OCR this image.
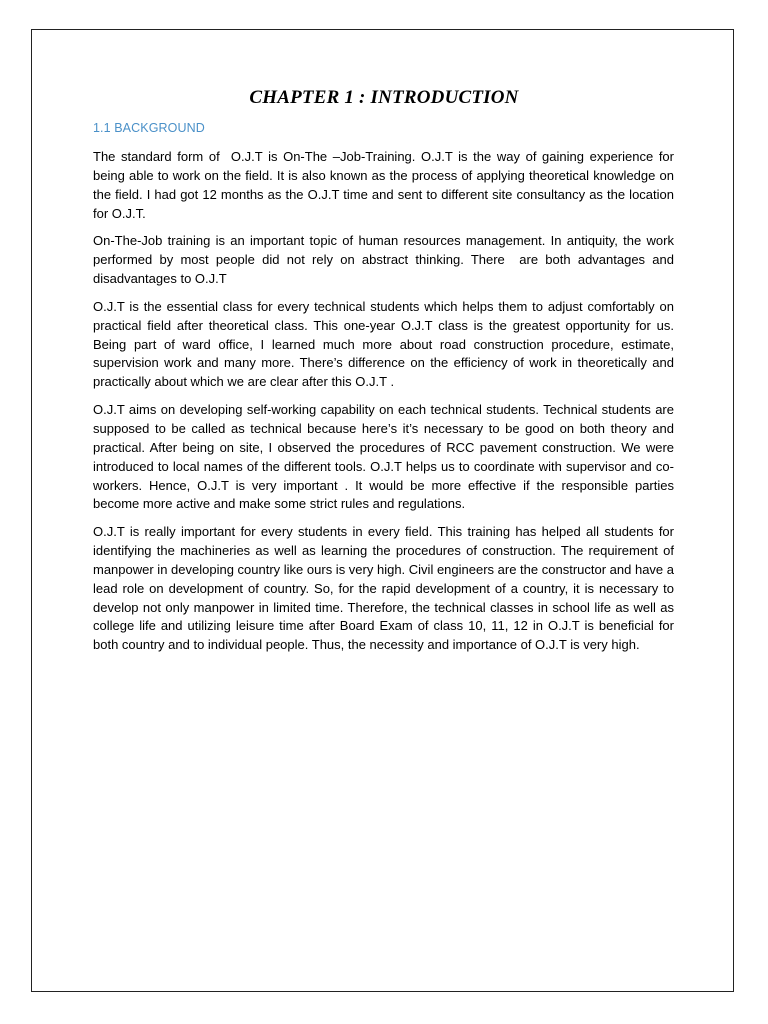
CHAPTER 1 : INTRODUCTION
1.1 BACKGROUND

The standard form of  O.J.T is On-The –Job-Training. O.J.T is the way of gaining experience for being able to work on the field. It is also known as the process of applying theoretical knowledge on the field. I had got 12 months as the O.J.T time and sent to different site consultancy as the location for O.J.T.

On-The-Job training is an important topic of human resources management. In antiquity, the work performed by most people did not rely on abstract thinking. There  are both advantages and disadvantages to O.J.T

O.J.T is the essential class for every technical students which helps them to adjust comfortably on practical field after theoretical class. This one-year O.J.T class is the greatest opportunity for us. Being part of ward office, I learned much more about road construction procedure, estimate, supervision work and many more. There’s difference on the efficiency of work in theoretically and practically about which we are clear after this O.J.T .

O.J.T aims on developing self-working capability on each technical students. Technical students are supposed to be called as technical because here’s it’s necessary to be good on both theory and practical. After being on site, I observed the procedures of RCC pavement construction. We were introduced to local names of the different tools. O.J.T helps us to coordinate with supervisor and co-workers. Hence, O.J.T is very important . It would be more effective if the responsible parties become more active and make some strict rules and regulations.

O.J.T is really important for every students in every field. This training has helped all students for identifying the machineries as well as learning the procedures of construction. The requirement of manpower in developing country like ours is very high. Civil engineers are the constructor and have a lead role on development of country. So, for the rapid development of a country, it is necessary to develop not only manpower in limited time. Therefore, the technical classes in school life as well as college life and utilizing leisure time after Board Exam of class 10, 11, 12 in O.J.T is beneficial for both country and to individual people. Thus, the necessity and importance of O.J.T is very high.
